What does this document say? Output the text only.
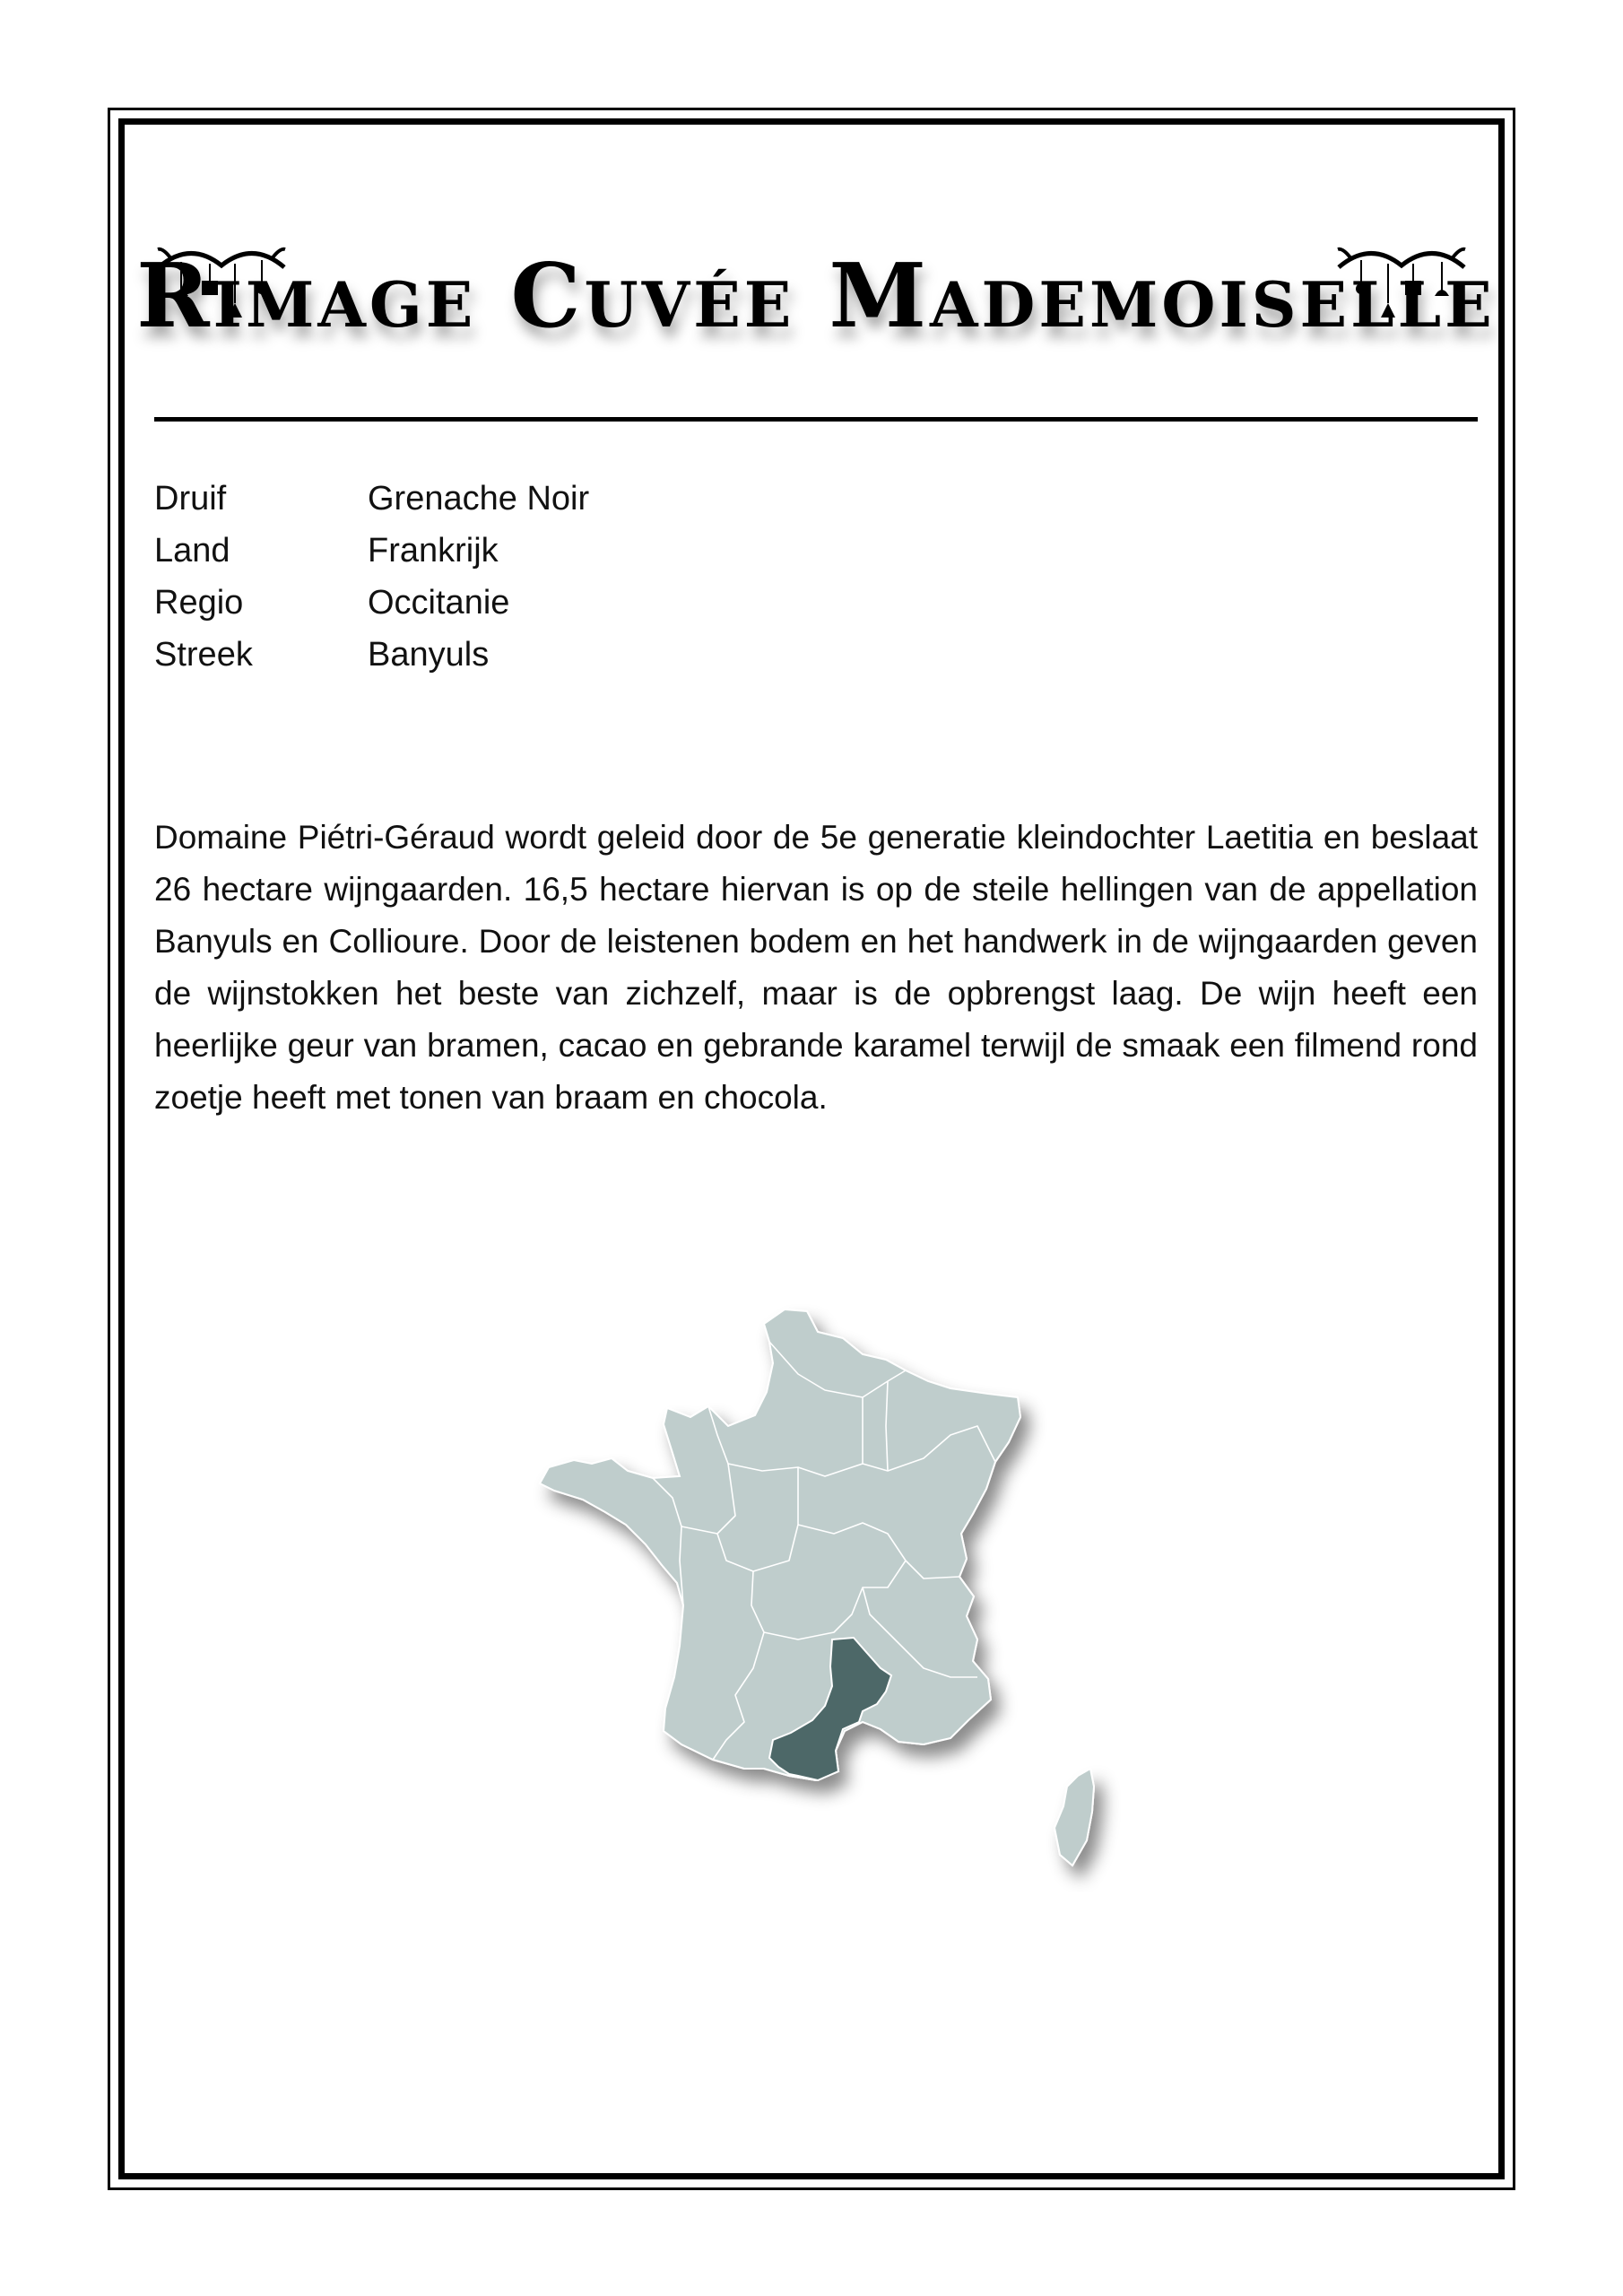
Rimage Cuvée Mademoiselle
Druif	Grenache Noir
Land	Frankrijk
Regio	Occitanie
Streek	Banyuls

Domaine Piétri-Géraud wordt geleid door de 5e generatie kleindochter Laetitia en beslaat 26 hectare wijngaarden. 16,5 hectare hiervan is op de steile hellingen van de appellation Banyuls en Collioure. Door de leistenen bodem en het handwerk in de wijngaarden geven de wijnstokken het beste van zichzelf, maar is de opbrengst laag. De wijn heeft een heerlijke geur van bramen, cacao en gebrande karamel terwijl de smaak een filmend rond zoetje heeft met tonen van braam en chocola.
